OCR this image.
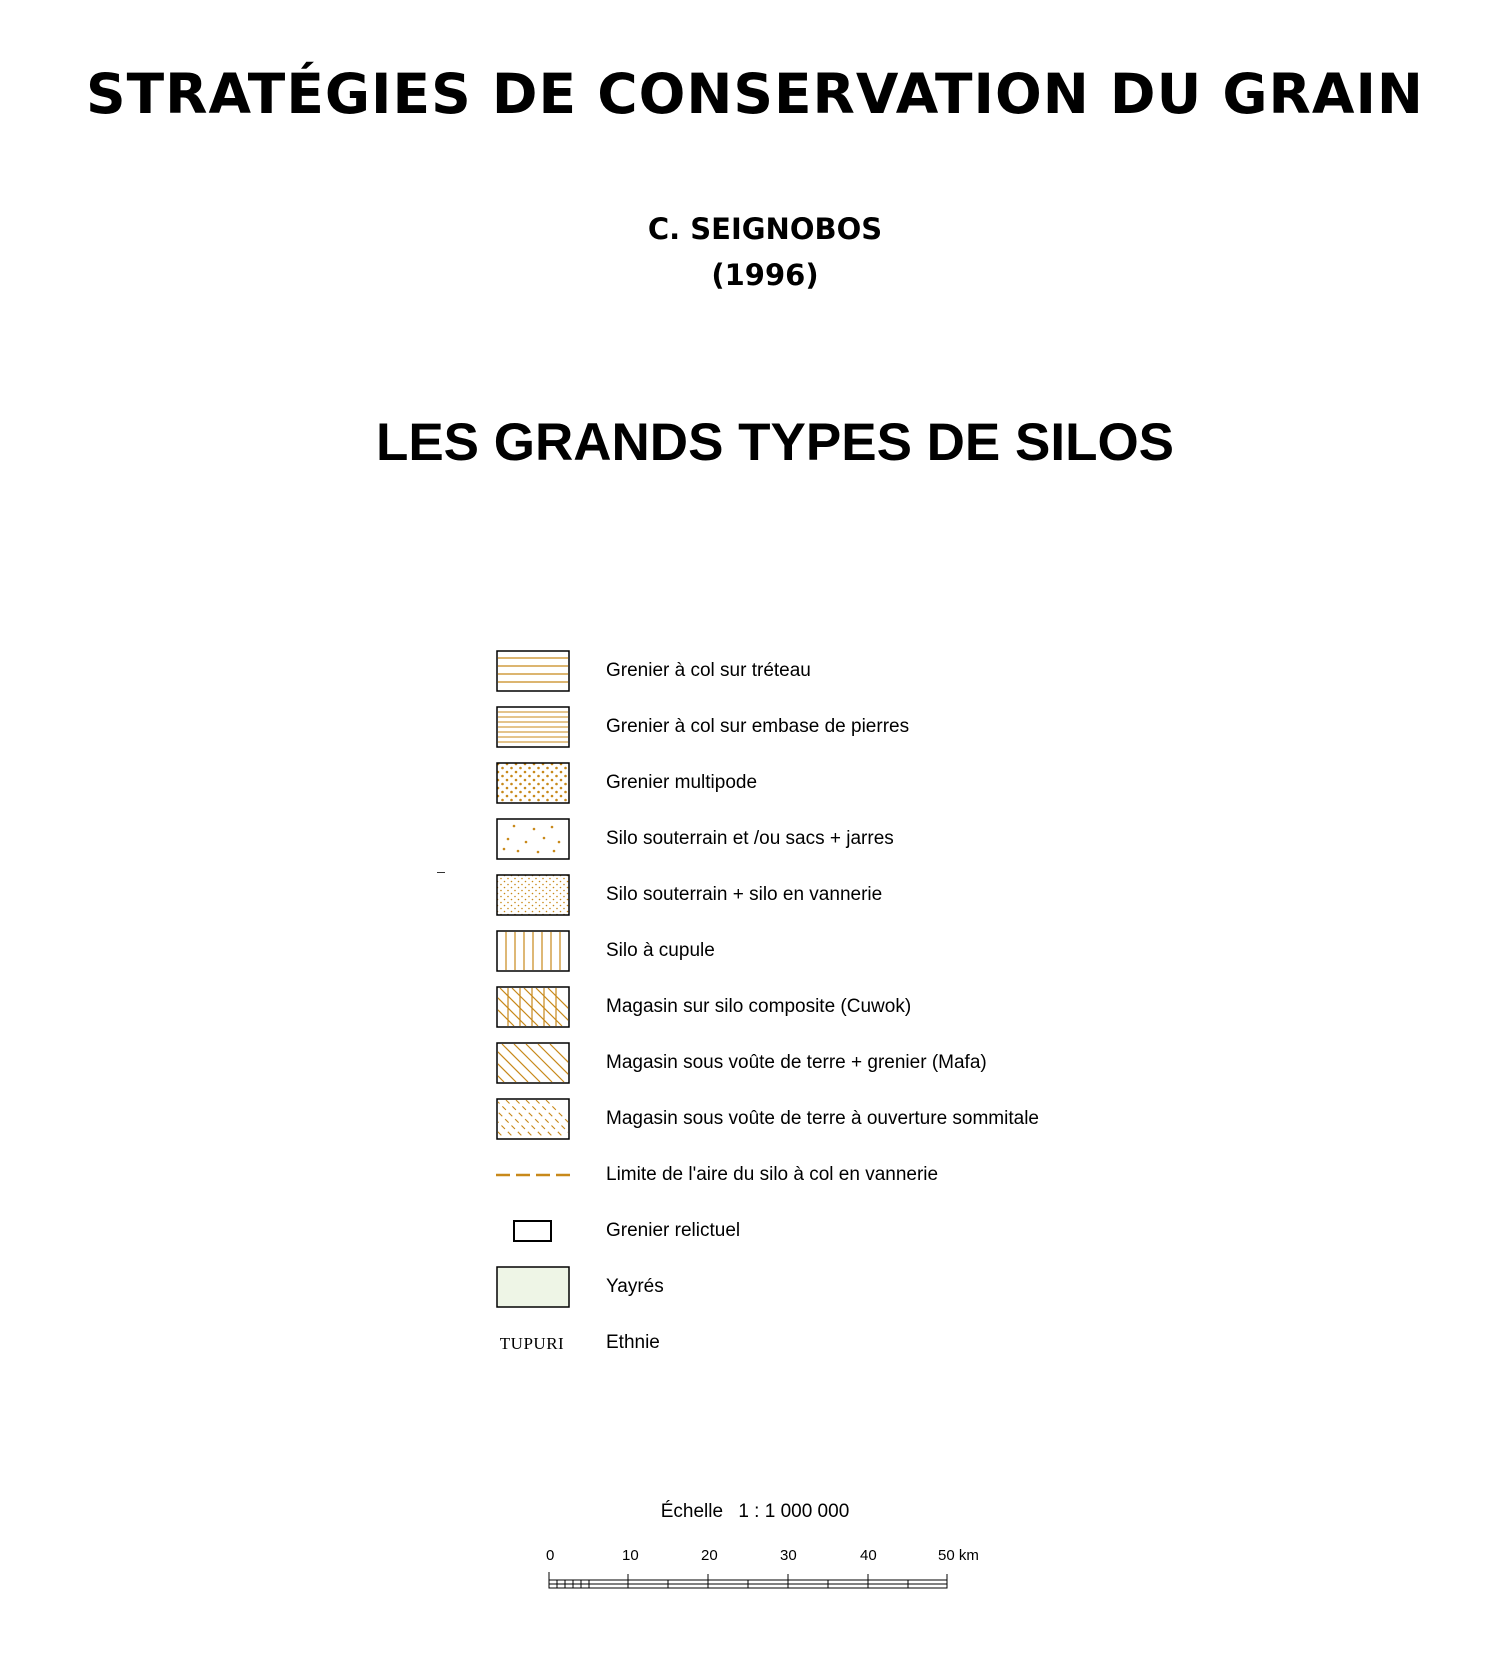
STRATÉGIES DE CONSERVATION DU GRAIN
C. SEIGNOBOS
(1996)
LES GRANDS TYPES DE SILOS
Grenier à col sur tréteau
Grenier à col sur embase de pierres
Grenier multipode
Silo souterrain et /ou sacs + jarres
Silo souterrain + silo en vannerie
Silo à cupule
Magasin sur silo composite (Cuwok)
Magasin sous voûte de terre + grenier (Mafa)
Magasin sous voûte de terre à ouverture sommitale
Limite de l'aire du silo à col en vannerie
Grenier relictuel
Yayrés
TUPURI Ethnie
Échelle 1 : 1 000 000
0	10	20	30	40	50 km
